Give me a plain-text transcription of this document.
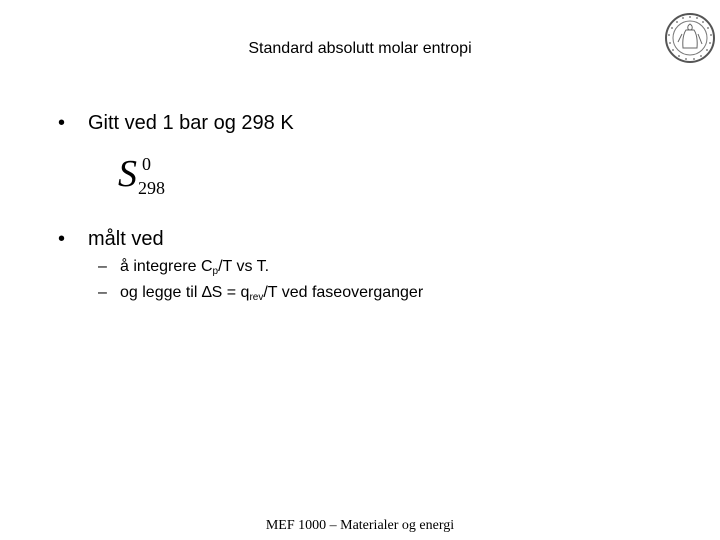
Standard absolutt molar entropi
• Gitt ved 1 bar og 298 K
S 0
298
• målt ved
– å integrere $C_p/T$ vs T.
– og legge til $\Delta S = q_{rev}/T$ ved faseoverganger
MEF 1000 – Materialer og energi
